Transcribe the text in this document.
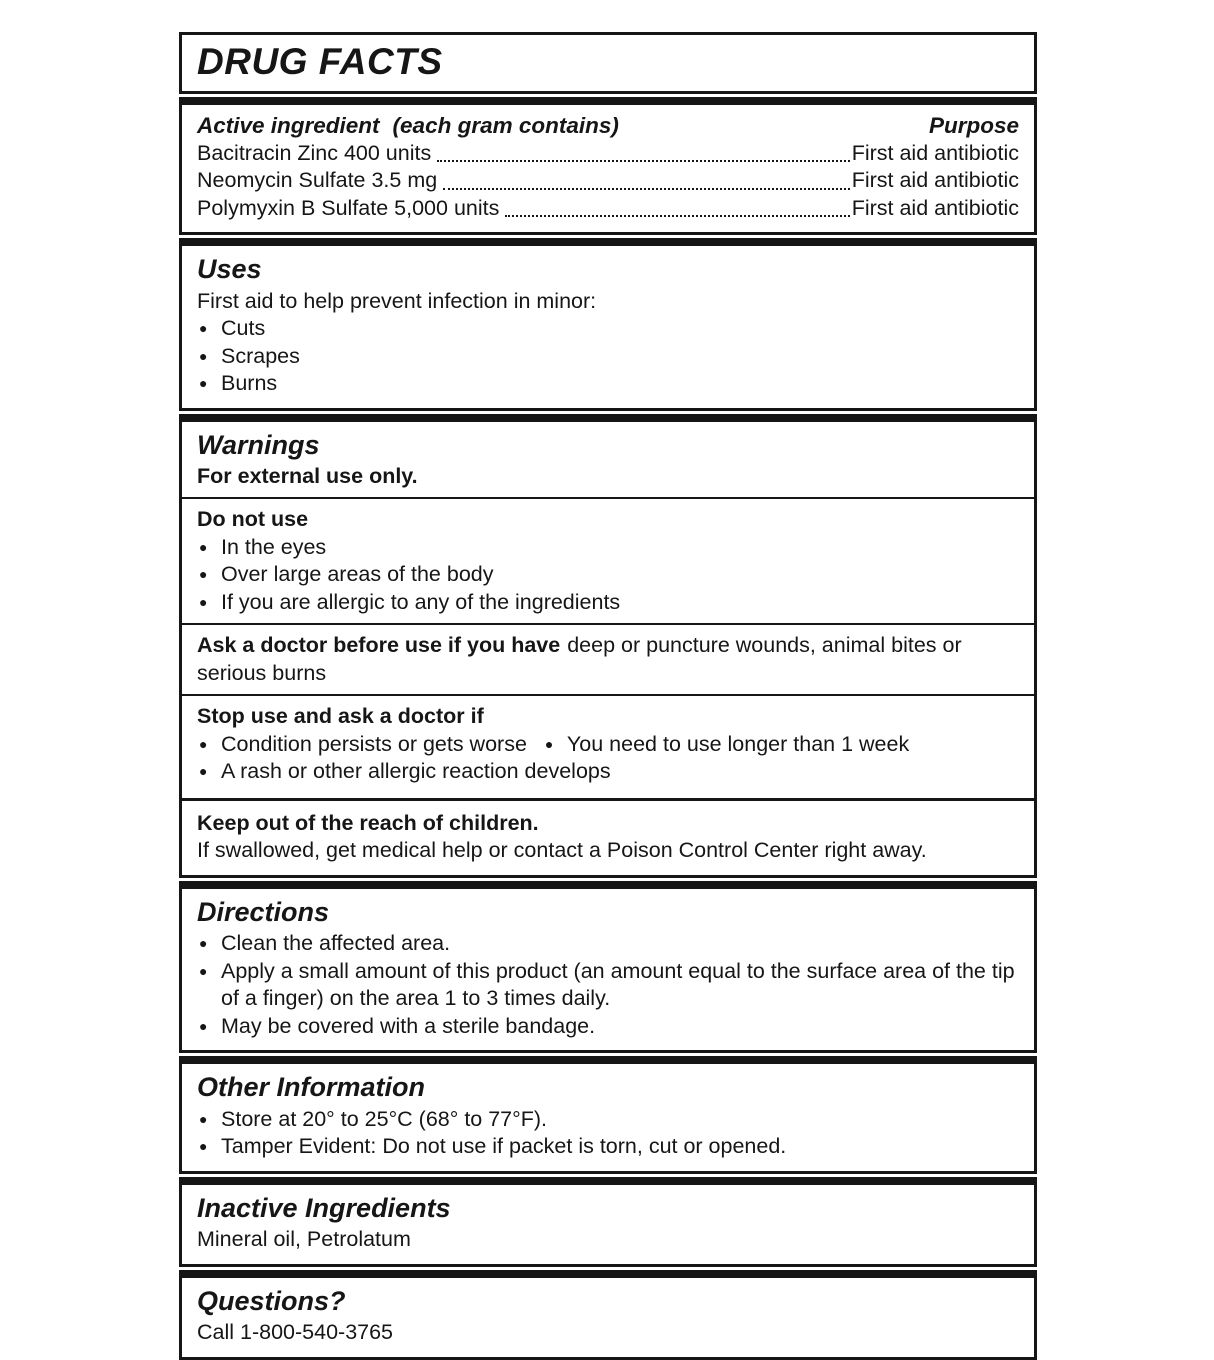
DRUG FACTS
Active ingredient (each gram contains)	Purpose
Bacitracin Zinc 400 units	First aid antibiotic
Neomycin Sulfate 3.5 mg	First aid antibiotic
Polymyxin B Sulfate 5,000 units	First aid antibiotic
Uses

First aid to help prevent infection in minor:

● Cuts
● Scrapes
● Burns
Warnings

For external use only.

Do not use

● In the eyes
● Over large areas of the body
● If you are allergic to any of the ingredients

Ask a doctor before use if you have deep or puncture wounds, animal bites or serious burns

Stop use and ask a doctor if

● Condition persists or gets worse ● You need to use longer than 1 week
● A rash or other allergic reaction develops

Keep out of the reach of children.

If swallowed, get medical help or contact a Poison Control Center right away.

Directions
● Clean the affected area.
● Apply a small amount of this product (an amount equal to the surface area of the tip of a finger) on the area 1 to 3 times daily.
● May be covered with a sterile bandage.
Other Information
● Store at 20° to 25°C (68° to 77°F).
● Tamper Evident: Do not use if packet is torn, cut or opened.
Inactive Ingredients

Mineral oil, Petrolatum

Questions?

Call 1-800-540-3765
